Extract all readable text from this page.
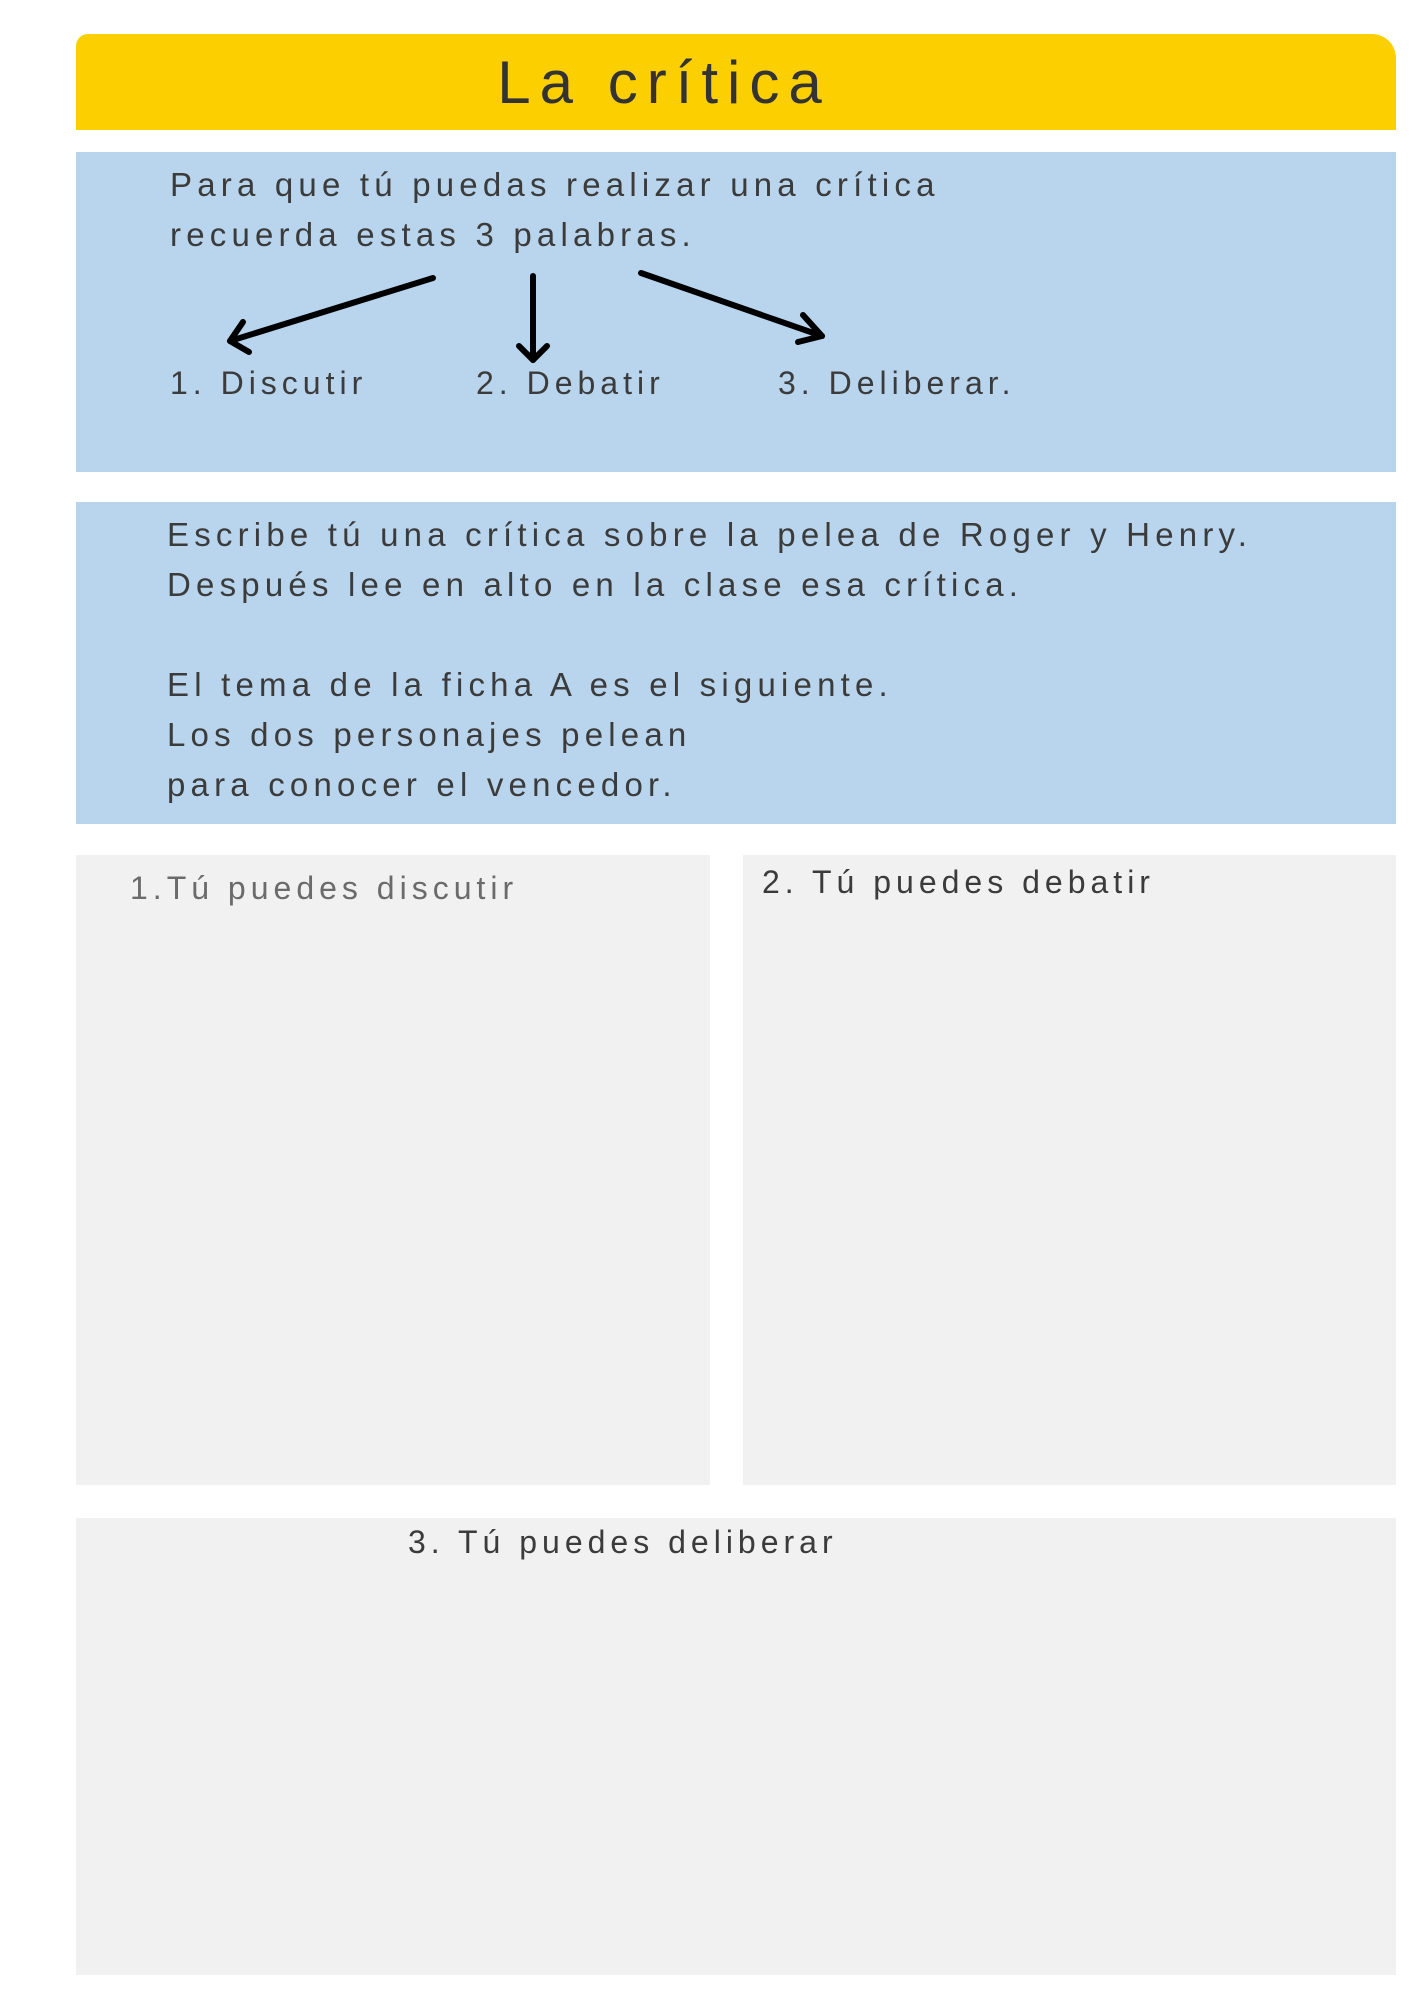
La crítica
Para que tú puedas realizar una crítica
recuerda estas 3 palabras.
1. Discutir	2. Debatir	3. Deliberar.
Escribe tú una crítica sobre la pelea de Roger y Henry.
Después lee en alto en la clase esa crítica.
El tema de la ficha A es el siguiente.
Los dos personajes pelean
para conocer el vencedor.
1.Tú puedes discutir	2. Tú puedes debatir
3. Tú puedes deliberar
